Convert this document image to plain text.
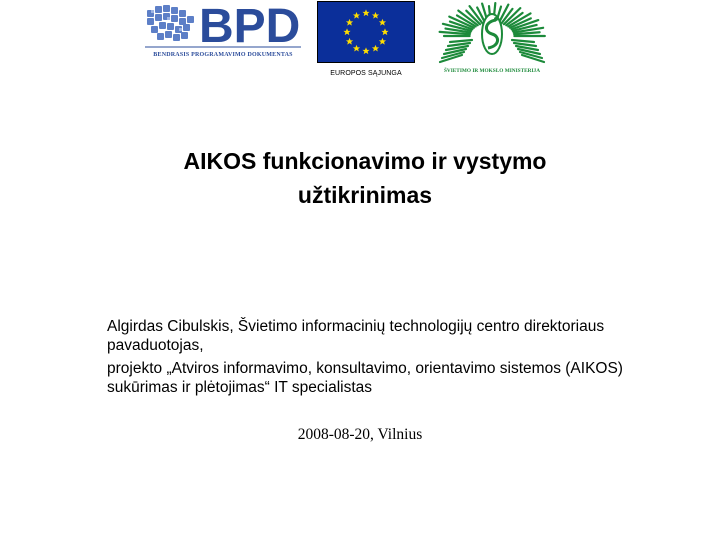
BPD
BENDRASIS PROGRAMAVIMO DOKUMENTAS
EUROPOS SĄJUNGA	ŠVIETIMO IR MOKSLO MINISTERIJA
AIKOS funkcionavimo ir vystymo
užtikrinimas

Algirdas Cibulskis, Švietimo informacinių technologijų centro direktoriaus pavaduotojas,

projekto „Atviros informavimo, konsultavimo, orientavimo sistemos (AIKOS) sukūrimas ir plėtojimas“ IT specialistas

2008-08-20, Vilnius
